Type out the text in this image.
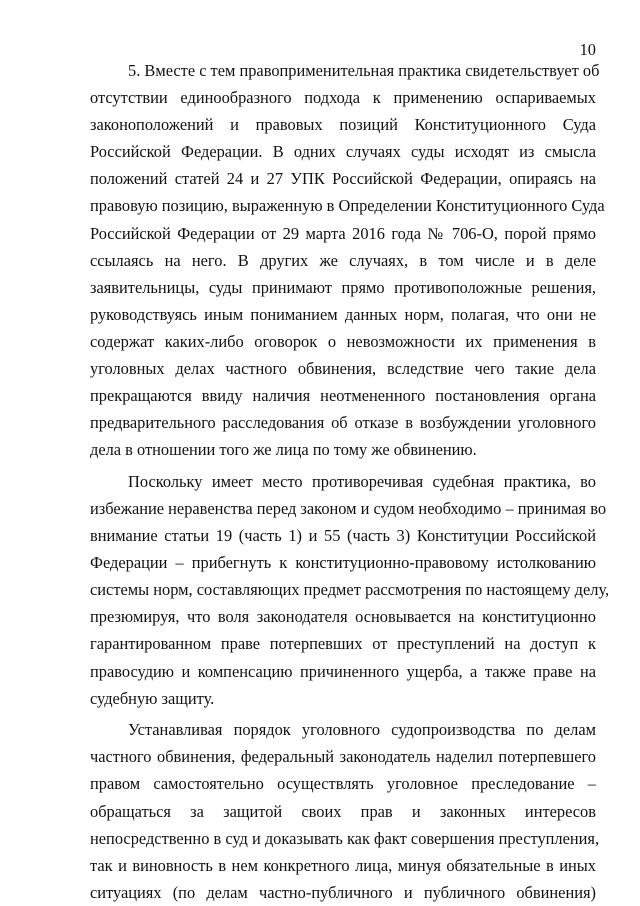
10
5. Вместе с тем правоприменительная практика свидетельствует об
отсутствии единообразного подхода к применению оспариваемых
законоположений и правовых позиций Конституционного Суда
Российской Федерации. В одних случаях суды исходят из смысла
положений статей 24 и 27 УПК Российской Федерации, опираясь на
правовую позицию, выраженную в Определении Конституционного Суда
Российской Федерации от 29 марта 2016 года № 706-О, порой прямо
ссылаясь на него. В других же случаях, в том числе и в деле
заявительницы, суды принимают прямо противоположные решения,
руководствуясь иным пониманием данных норм, полагая, что они не
содержат каких-либо оговорок о невозможности их применения в
уголовных делах частного обвинения, вследствие чего такие дела
прекращаются ввиду наличия неотмененного постановления органа
предварительного расследования об отказе в возбуждении уголовного
дела в отношении того же лица по тому же обвинению.
Поскольку имеет место противоречивая судебная практика, во
избежание неравенства перед законом и судом необходимо – принимая во
внимание статьи 19 (часть 1) и 55 (часть 3) Конституции Российской
Федерации – прибегнуть к конституционно-правовому истолкованию
системы норм, составляющих предмет рассмотрения по настоящему делу,
презюмируя, что воля законодателя основывается на конституционно
гарантированном праве потерпевших от преступлений на доступ к
правосудию и компенсацию причиненного ущерба, а также праве на
судебную защиту.
Устанавливая порядок уголовного судопроизводства по делам
частного обвинения, федеральный законодатель наделил потерпевшего
правом самостоятельно осуществлять уголовное преследование –
обращаться за защитой своих прав и законных интересов
непосредственно в суд и доказывать как факт совершения преступления,
так и виновность в нем конкретного лица, минуя обязательные в иных
ситуациях (по делам частно-публичного и публичного обвинения)
